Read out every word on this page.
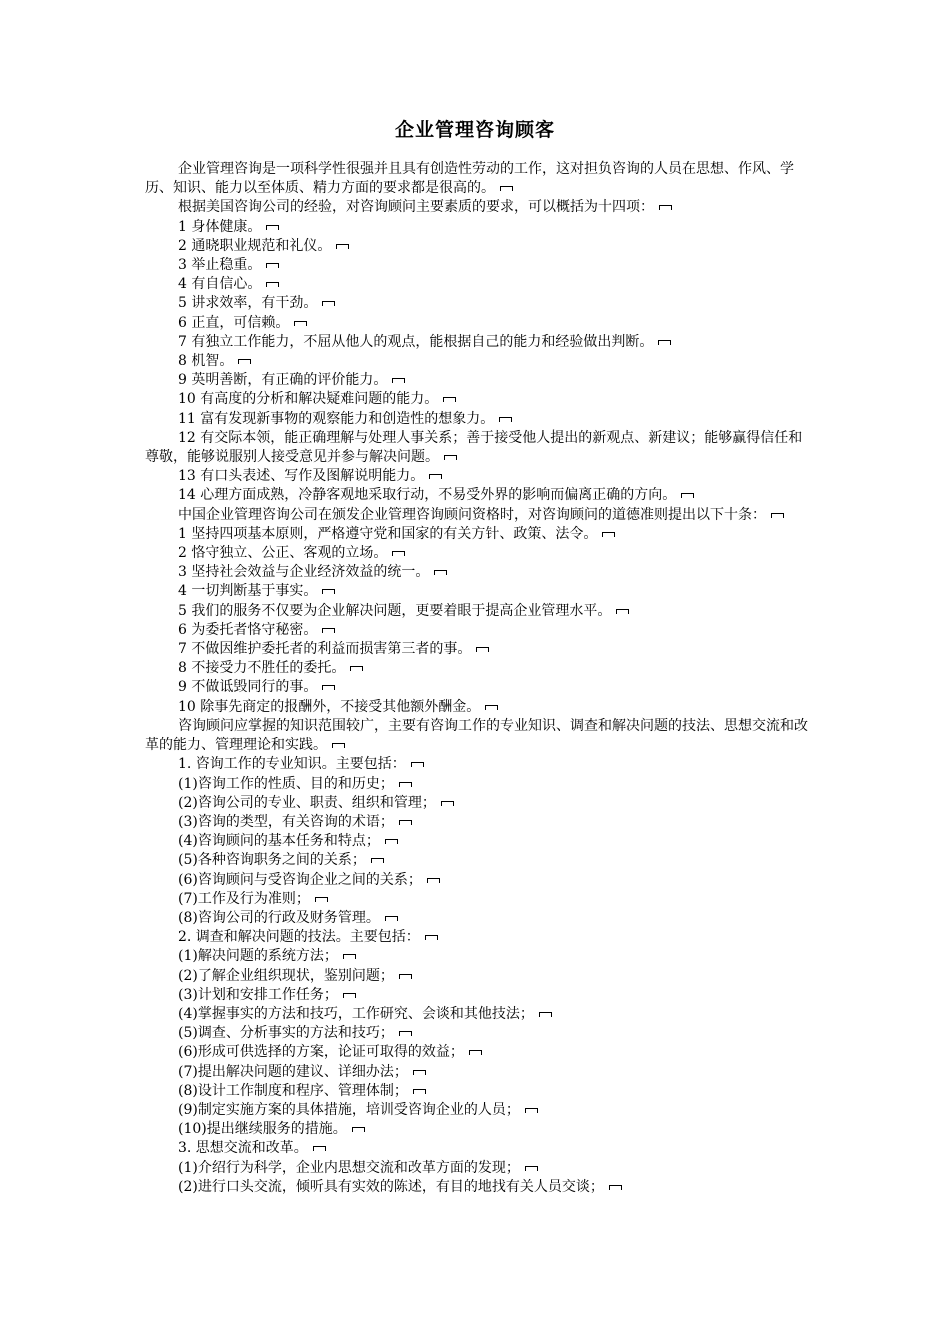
企业管理咨询顾客

企业管理咨询是一项科学性很强并且具有创造性劳动的工作，这对担负咨询的人员在思想、作风、学历、知识、能力以至体质、精力方面的要求都是很高的。

根据美国咨询公司的经验，对咨询顾问主要素质的要求，可以概括为十四项：

1 身体健康。

2 通晓职业规范和礼仪。

3 举止稳重。

4 有自信心。

5 讲求效率，有干劲。

6 正直，可信赖。

7 有独立工作能力，不屈从他人的观点，能根据自己的能力和经验做出判断。

8 机智。

9 英明善断，有正确的评价能力。

10 有高度的分析和解决疑难问题的能力。

11 富有发现新事物的观察能力和创造性的想象力。

12 有交际本领，能正确理解与处理人事关系；善于接受他人提出的新观点、新建议；能够赢得信任和尊敬，能够说服别人接受意见并参与解决问题。

13 有口头表述、写作及图解说明能力。

14 心理方面成熟，冷静客观地采取行动，不易受外界的影响而偏离正确的方向。

中国企业管理咨询公司在颁发企业管理咨询顾问资格时，对咨询顾问的道德准则提出以下十条：

1 坚持四项基本原则，严格遵守党和国家的有关方针、政策、法令。

2 恪守独立、公正、客观的立场。

3 坚持社会效益与企业经济效益的统一。

4 一切判断基于事实。

5 我们的服务不仅要为企业解决问题，更要着眼于提高企业管理水平。

6 为委托者恪守秘密。

7 不做因维护委托者的利益而损害第三者的事。

8 不接受力不胜任的委托。

9 不做诋毁同行的事。

10 除事先商定的报酬外，不接受其他额外酬金。

咨询顾问应掌握的知识范围较广，主要有咨询工作的专业知识、调查和解决问题的技法、思想交流和改革的能力、管理理论和实践。

1. 咨询工作的专业知识。主要包括：

(1)咨询工作的性质、目的和历史；

(2)咨询公司的专业、职责、组织和管理；

(3)咨询的类型，有关咨询的术语；

(4)咨询顾问的基本任务和特点；

(5)各种咨询职务之间的关系；

(6)咨询顾问与受咨询企业之间的关系；

(7)工作及行为准则；

(8)咨询公司的行政及财务管理。

2. 调查和解决问题的技法。主要包括：

(1)解决问题的系统方法；

(2)了解企业组织现状，鉴别问题；

(3)计划和安排工作任务；

(4)掌握事实的方法和技巧，工作研究、会谈和其他技法；

(5)调查、分析事实的方法和技巧；

(6)形成可供选择的方案，论证可取得的效益；

(7)提出解决问题的建议、详细办法；

(8)设计工作制度和程序、管理体制；

(9)制定实施方案的具体措施，培训受咨询企业的人员；

(10)提出继续服务的措施。

3. 思想交流和改革。

(1)介绍行为科学，企业内思想交流和改革方面的发现；

(2)进行口头交流，倾听具有实效的陈述，有目的地找有关人员交谈；
